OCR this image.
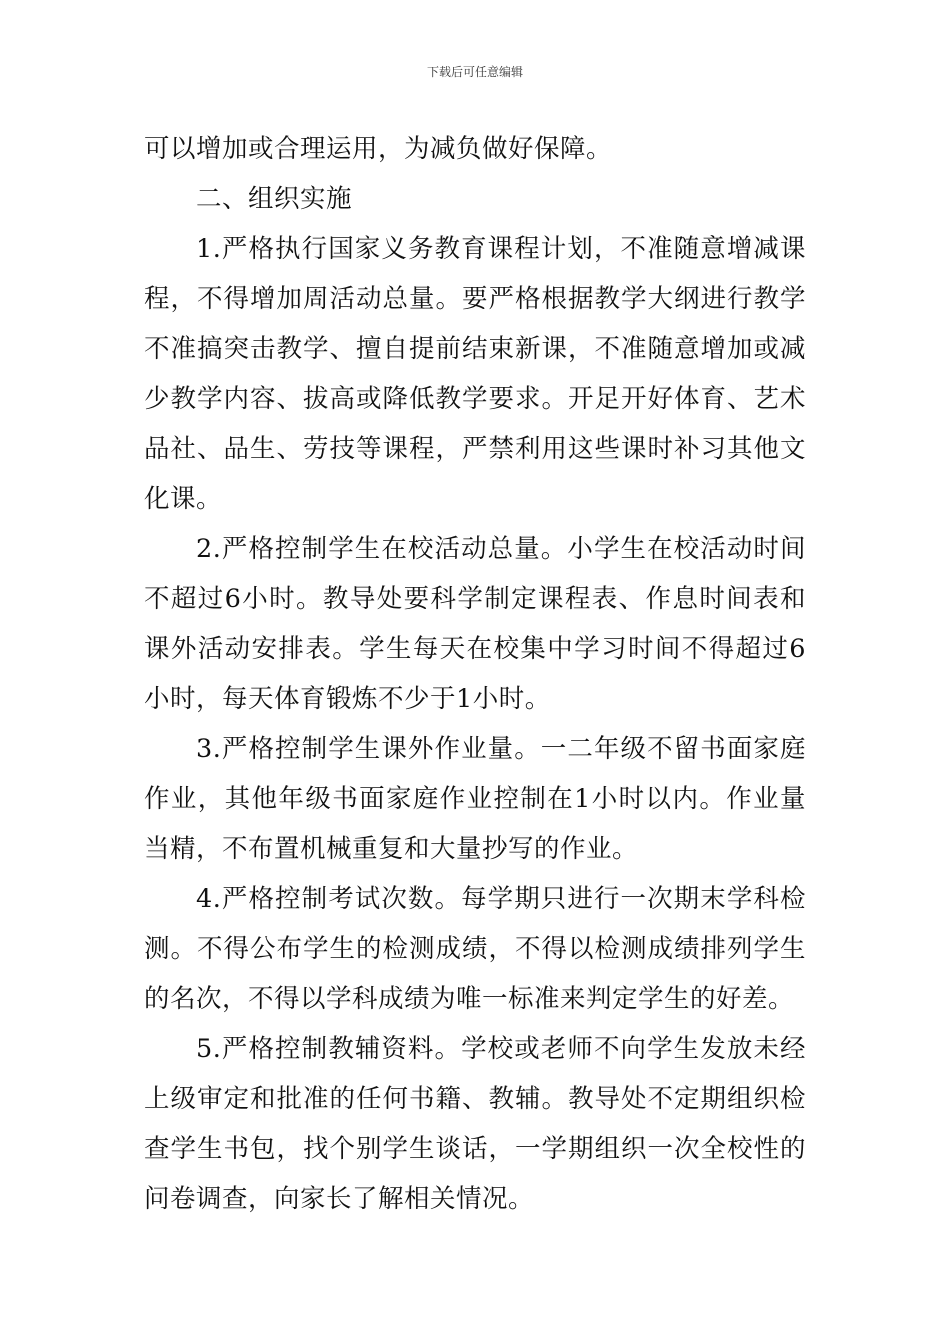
下载后可任意编辑

可以增加或合理运用，为减负做好保障。

二、组织实施

1.严格执行国家义务教育课程计划，不准随意增减课程，不得增加周活动总量。要严格根据教学大纲进行教学不准搞突击教学、擅自提前结束新课，不准随意增加或减少教学内容、拔高或降低教学要求。开足开好体育、艺术品社、品生、劳技等课程，严禁利用这些课时补习其他文化课。

2.严格控制学生在校活动总量。小学生在校活动时间不超过6小时。教导处要科学制定课程表、作息时间表和课外活动安排表。学生每天在校集中学习时间不得超过6小时，每天体育锻炼不少于1小时。

3.严格控制学生课外作业量。一二年级不留书面家庭作业，其他年级书面家庭作业控制在1小时以内。作业量当精，不布置机械重复和大量抄写的作业。

4.严格控制考试次数。每学期只进行一次期末学科检测。不得公布学生的检测成绩，不得以检测成绩排列学生的名次，不得以学科成绩为唯一标准来判定学生的好差。

5.严格控制教辅资料。学校或老师不向学生发放未经上级审定和批准的任何书籍、教辅。教导处不定期组织检查学生书包，找个别学生谈话，一学期组织一次全校性的问卷调查，向家长了解相关情况。
